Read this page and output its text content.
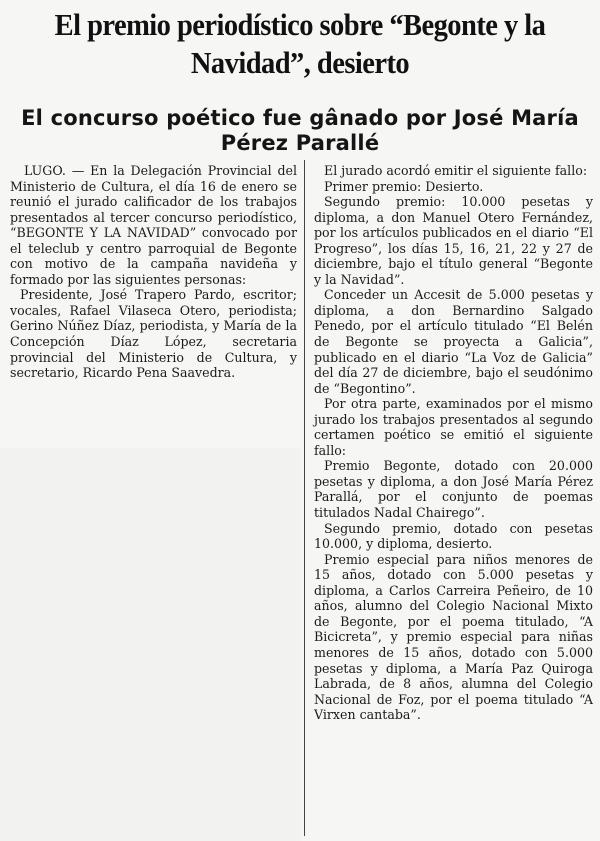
El premio periodístico sobre “Begonte y la Navidad”, desierto
El concurso poético fue gânado por José María Pérez Parallé

LUGO. — En la Delegación Provincial del Ministerio de Cultura, el día 16 de enero se reunió el jurado calificador de los trabajos presentados al tercer concurso periodístico, “BEGONTE Y LA NAVIDAD” convocado por el teleclub y centro parroquial de Begonte con motivo de la campaña navideña y formado por las siguientes personas:

Presidente, José Trapero Pardo, escritor; vocales, Rafael Vilaseca Otero, periodista; Gerino Núñez Díaz, periodista, y María de la Concepción Díaz López, secretaria provincial del Ministerio de Cultura, y secretario, Ricardo Pena Saavedra.

El jurado acordó emitir el siguiente fallo:

Primer premio: Desierto.

Segundo premio: 10.000 pesetas y diploma, a don Manuel Otero Fernández, por los artículos publicados en el diario “El Progreso”, los días 15, 16, 21, 22 y 27 de diciembre, bajo el título general “Begonte y la Navidad”.

Conceder un Accesit de 5.000 pesetas y diploma, a don Bernardino Salgado Penedo, por el artículo titulado “El Belén de Begonte se proyecta a Galicia”, publicado en el diario “La Voz de Galicia” del día 27 de diciembre, bajo el seudónimo de “Begontino”.

Por otra parte, examinados por el mismo jurado los trabajos presentados al segundo certamen poético se emitió el siguiente fallo:

Premio Begonte, dotado con 20.000 pesetas y diploma, a don José María Pérez Parallá, por el conjunto de poemas titulados Nadal Chairego”.

Segundo premio, dotado con pesetas 10.000, y diploma, desierto.

Premio especial para niños menores de 15 años, dotado con 5.000 pesetas y diploma, a Carlos Carreira Peñeiro, de 10 años, alumno del Colegio Nacional Mixto de Begonte, por el poema titulado, “A Bicicreta”, y premio especial para niñas menores de 15 años, dotado con 5.000 pesetas y diploma, a María Paz Quiroga Labrada, de 8 años, alumna del Colegio Nacional de Foz, por el poema titulado “A Virxen cantaba”.
